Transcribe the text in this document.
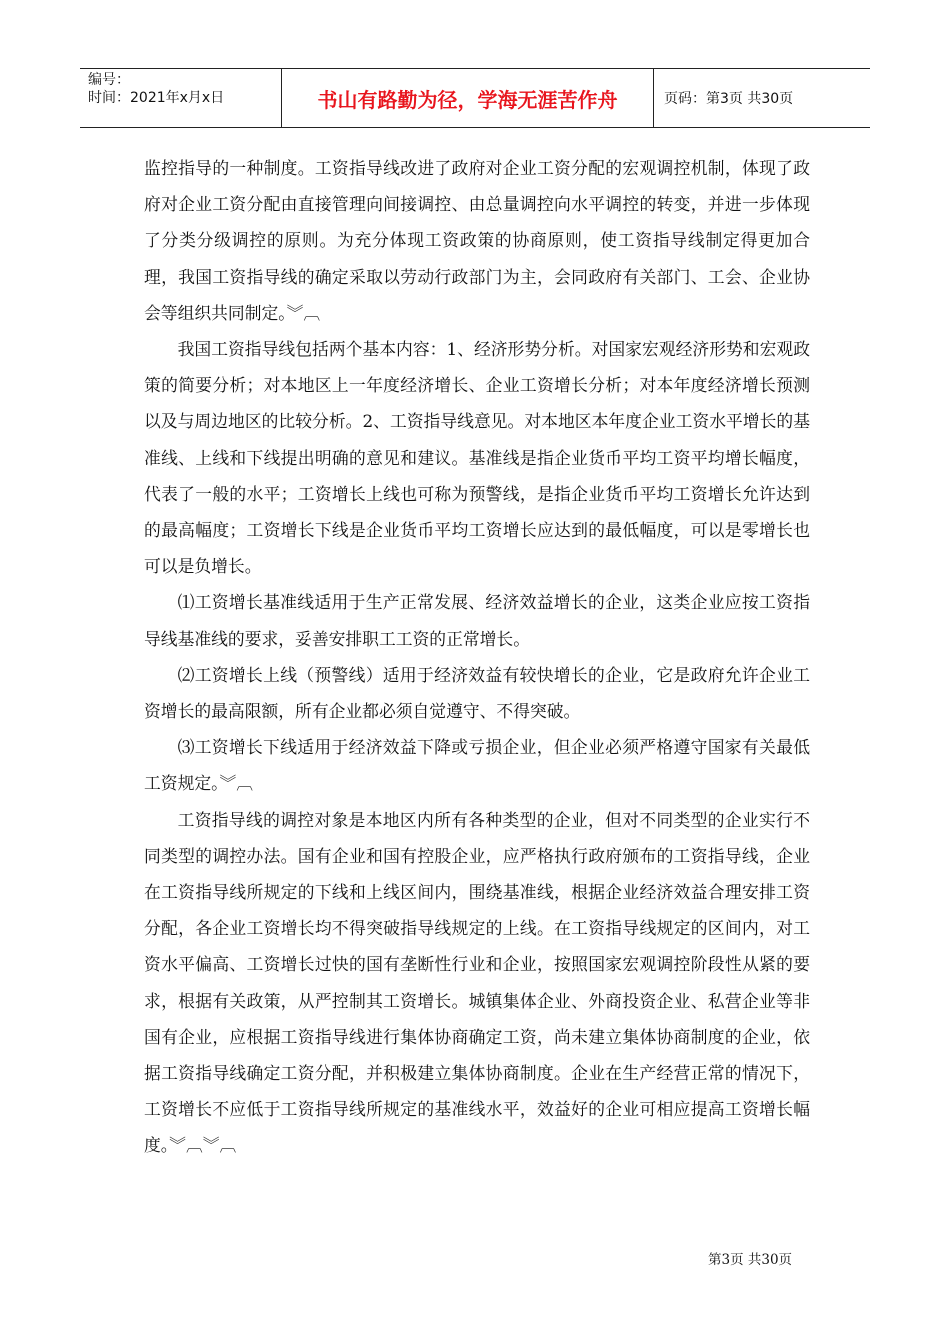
编号：
时间：2021年x月x日	书山有路勤为径，学海无涯苦作舟	页码：第3页 共30页

监控指导的一种制度。工资指导线改进了政府对企业工资分配的宏观调控机制，体现了政府对企业工资分配由直接管理向间接调控、由总量调控向水平调控的转变，并进一步体现了分类分级调控的原则。为充分体现工资政策的协商原则，使工资指导线制定得更加合理，我国工资指导线的确定采取以劳动行政部门为主，会同政府有关部门、工会、企业协会等组织共同制定。︾︹

我国工资指导线包括两个基本内容：1、经济形势分析。对国家宏观经济形势和宏观政策的简要分析；对本地区上一年度经济增长、企业工资增长分析；对本年度经济增长预测以及与周边地区的比较分析。2、工资指导线意见。对本地区本年度企业工资水平增长的基准线、上线和下线提出明确的意见和建议。基准线是指企业货币平均工资平均增长幅度，代表了一般的水平；工资增长上线也可称为预警线，是指企业货币平均工资增长允许达到的最高幅度；工资增长下线是企业货币平均工资增长应达到的最低幅度，可以是零增长也可以是负增长。

⑴工资增长基准线适用于生产正常发展、经济效益增长的企业，这类企业应按工资指导线基准线的要求，妥善安排职工工资的正常增长。

⑵工资增长上线（预警线）适用于经济效益有较快增长的企业，它是政府允许企业工资增长的最高限额，所有企业都必须自觉遵守、不得突破。

⑶工资增长下线适用于经济效益下降或亏损企业，但企业必须严格遵守国家有关最低工资规定。︾︹

工资指导线的调控对象是本地区内所有各种类型的企业，但对不同类型的企业实行不同类型的调控办法。国有企业和国有控股企业，应严格执行政府颁布的工资指导线，企业在工资指导线所规定的下线和上线区间内，围绕基准线，根据企业经济效益合理安排工资分配，各企业工资增长均不得突破指导线规定的上线。在工资指导线规定的区间内，对工资水平偏高、工资增长过快的国有垄断性行业和企业，按照国家宏观调控阶段性从紧的要求，根据有关政策，从严控制其工资增长。城镇集体企业、外商投资企业、私营企业等非国有企业，应根据工资指导线进行集体协商确定工资，尚未建立集体协商制度的企业，依据工资指导线确定工资分配，并积极建立集体协商制度。企业在生产经营正常的情况下，工资增长不应低于工资指导线所规定的基准线水平，效益好的企业可相应提高工资增长幅度。︾︹︾︹

第3页 共30页
